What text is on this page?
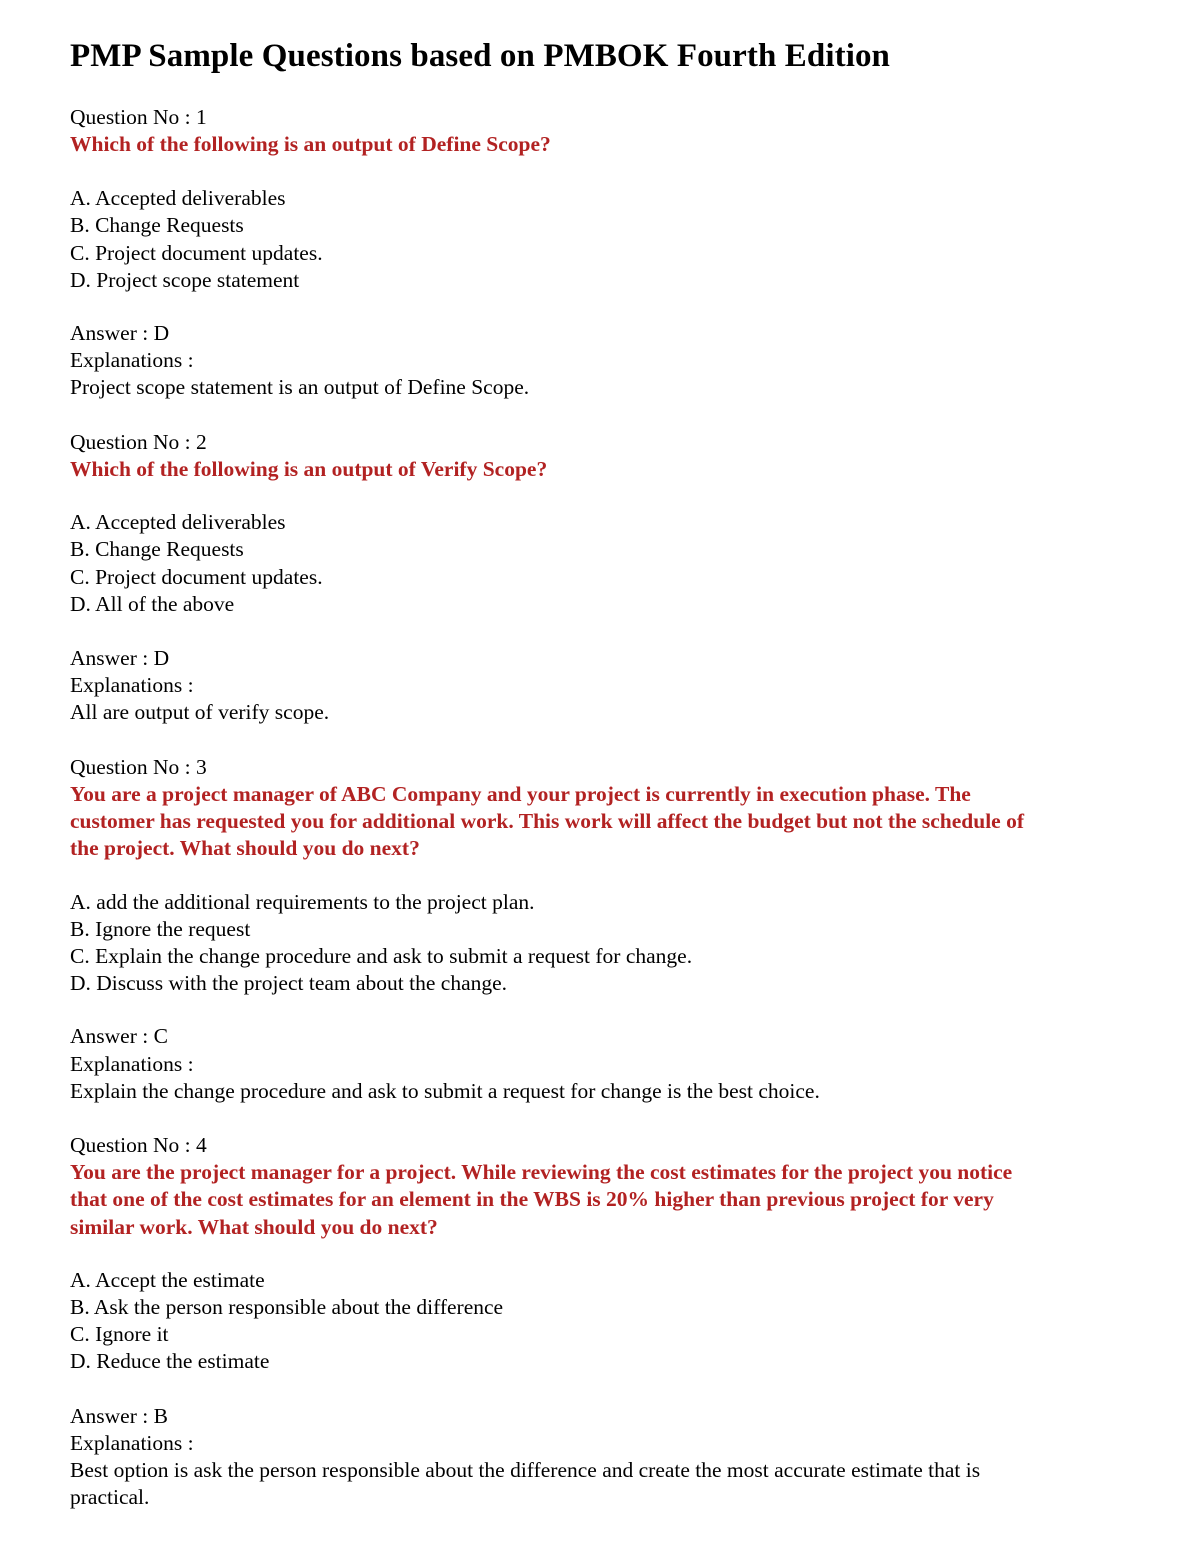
PMP Sample Questions based on PMBOK Fourth Edition
Question No : 1
Which of the following is an output of Define Scope?
A. Accepted deliverables
B. Change Requests
C. Project document updates.
D. Project scope statement
Answer : D
Explanations :
Project scope statement is an output of Define Scope.
Question No : 2
Which of the following is an output of Verify Scope?
A. Accepted deliverables
B. Change Requests
C. Project document updates.
D. All of the above
Answer : D
Explanations :
All are output of verify scope.
Question No : 3
You are a project manager of ABC Company and your project is currently in execution phase. The
customer has requested you for additional work. This work will affect the budget but not the schedule of
the project. What should you do next?
A. add the additional requirements to the project plan.
B. Ignore the request
C. Explain the change procedure and ask to submit a request for change.
D. Discuss with the project team about the change.
Answer : C
Explanations :
Explain the change procedure and ask to submit a request for change is the best choice.
Question No : 4
You are the project manager for a project. While reviewing the cost estimates for the project you notice
that one of the cost estimates for an element in the WBS is 20% higher than previous project for very
similar work. What should you do next?
A. Accept the estimate
B. Ask the person responsible about the difference
C. Ignore it
D. Reduce the estimate
Answer : B
Explanations :
Best option is ask the person responsible about the difference and create the most accurate estimate that is
practical.
